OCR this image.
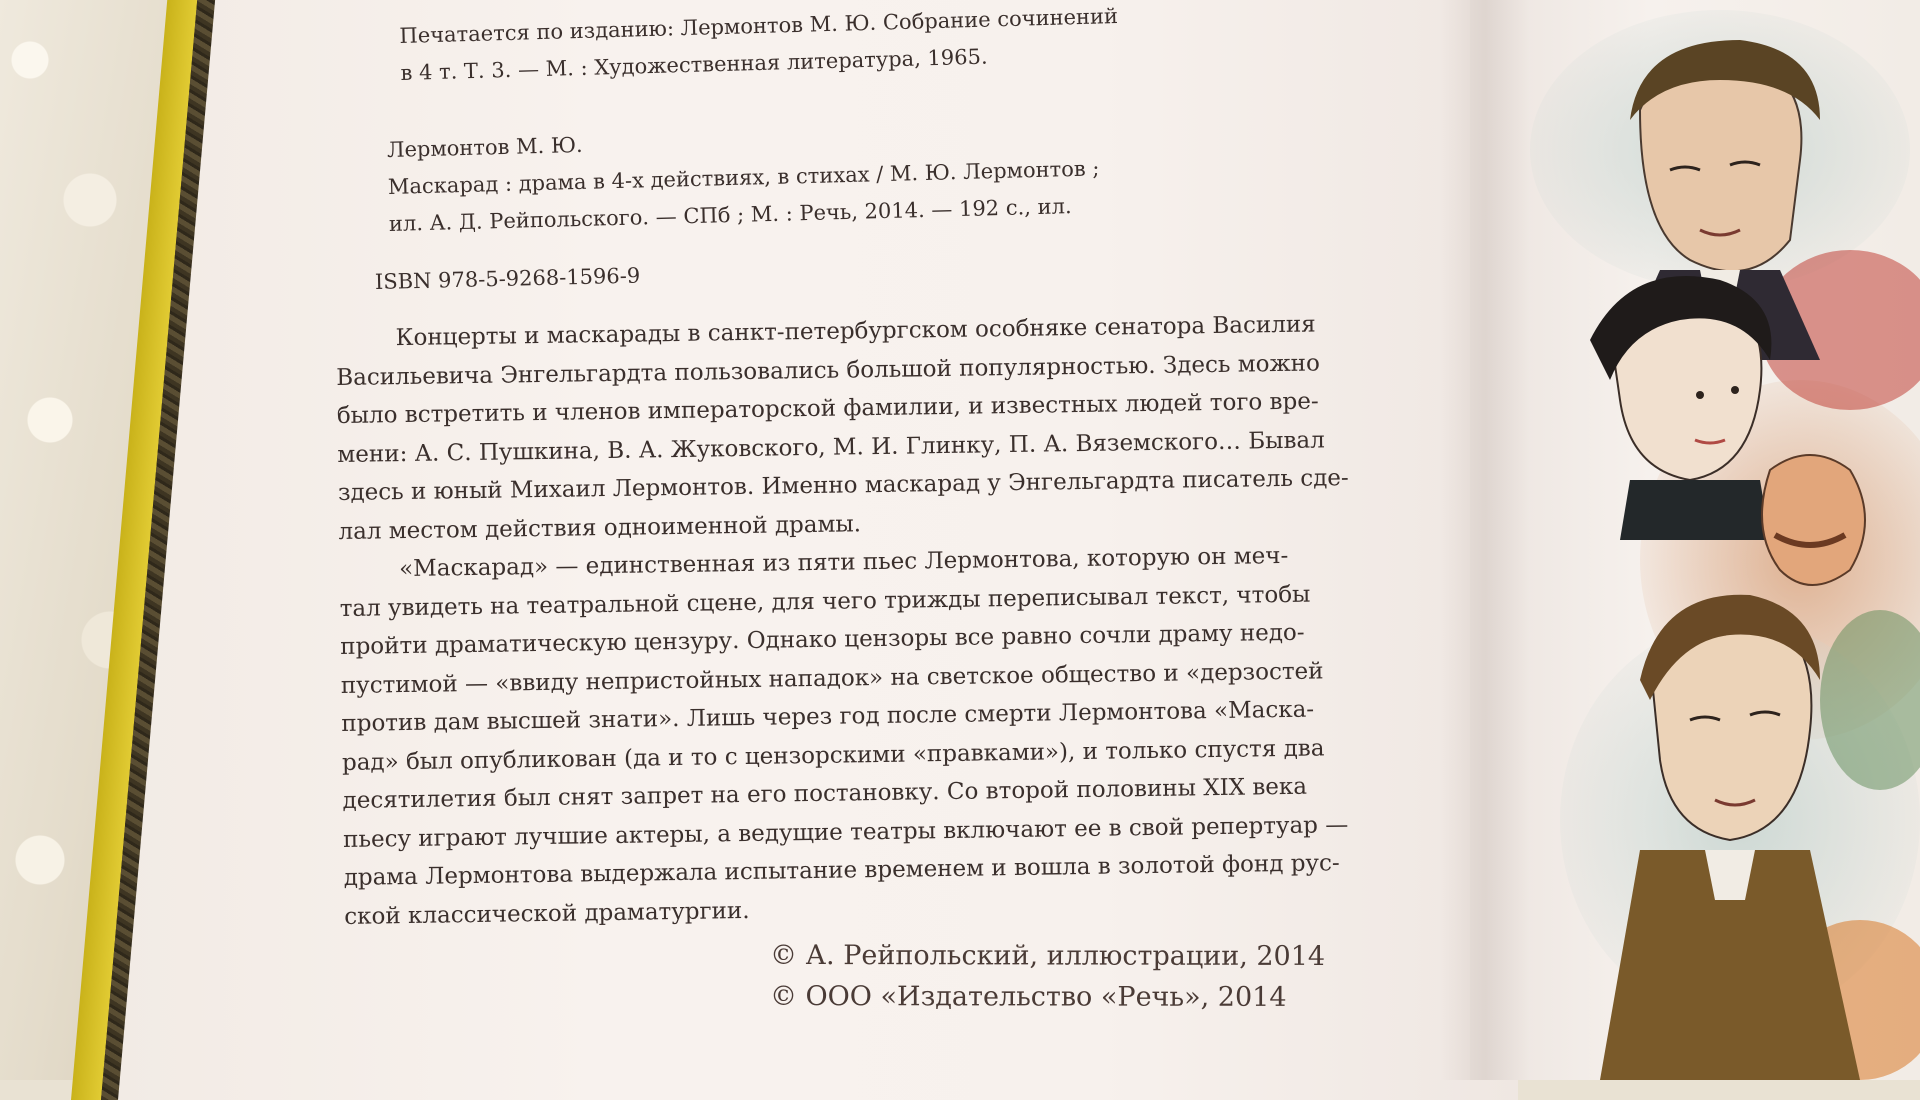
Печатается по изданию: Лермонтов М. Ю. Собрание сочинений
в 4 т. Т. 3. — М. : Художественная литература, 1965.
Лермонтов М. Ю.
Маскарад : драма в 4-х действиях, в стихах / М. Ю. Лермонтов ;
ил. А. Д. Рейпольского. — СПб ; М. : Речь, 2014. — 192 с., ил.
ISBN 978-5-9268-1596-9
Концерты и маскарады в санкт-петербургском особняке сенатора Василия
Васильевича Энгельгардта пользовались большой популярностью. Здесь можно
было встретить и членов императорской фамилии, и известных людей того вре-
мени: А. С. Пушкина, В. А. Жуковского, М. И. Глинку, П. А. Вяземского… Бывал
здесь и юный Михаил Лермонтов. Именно маскарад у Энгельгардта писатель сде-
лал местом действия одноименной драмы.
«Маскарад» — единственная из пяти пьес Лермонтова, которую он меч-
тал увидеть на театральной сцене, для чего трижды переписывал текст, чтобы
пройти драматическую цензуру. Однако цензоры все равно сочли драму недо-
пустимой — «ввиду непристойных нападок» на светское общество и «дерзостей
против дам высшей знати». Лишь через год после смерти Лермонтова «Маска-
рад» был опубликован (да и то с цензорскими «правками»), и только спустя два
десятилетия был снят запрет на его постановку. Со второй половины XIX века
пьесу играют лучшие актеры, а ведущие театры включают ее в свой репертуар —
драма Лермонтова выдержала испытание временем и вошла в золотой фонд рус-
ской классической драматургии.
© А. Рейпольский, иллюстрации, 2014
© ООО «Издательство «Речь», 2014
